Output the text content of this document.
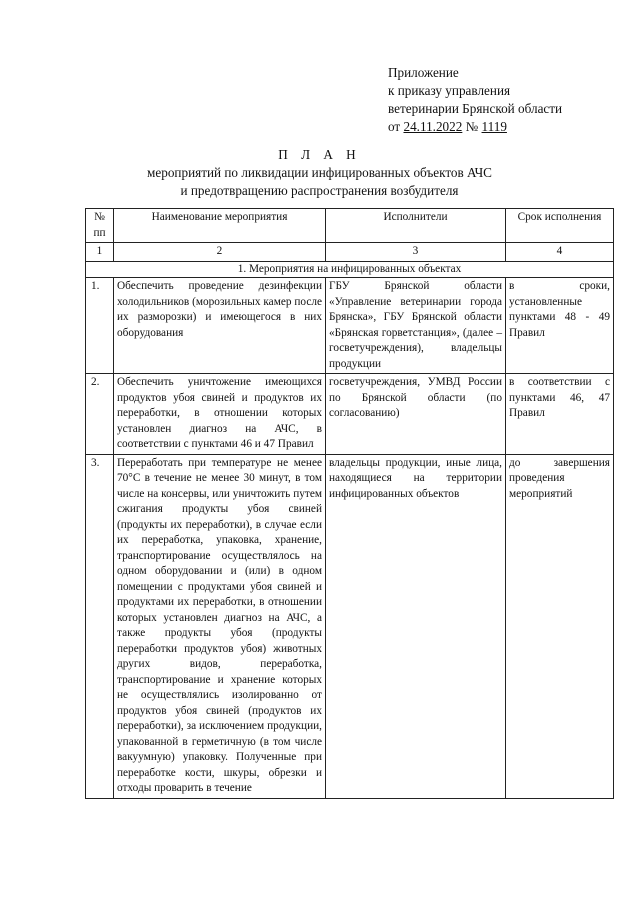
Приложение
к приказу управления
ветеринарии Брянской области
от 24.11.2022 № 1119
П Л А Н
мероприятий по ликвидации инфицированных объектов АЧС
и предотвращению распространения возбудителя
№ пп	Наименование мероприятия	Исполнители	Срок исполнения
1	2	3	4
1. Мероприятия на инфицированных объектах			
1.	Обеспечить проведение дезинфекции холодильников (морозильных камер после их разморозки) и имеющегося в них оборудования	ГБУ Брянской области «Управление ветеринарии города Брянска», ГБУ Брянской области «Брянская горветстанция», (далее – госветучреждения), владельцы продукции	в сроки, установленные пунктами 48 - 49 Правил
2.	Обеспечить уничтожение имеющихся продуктов убоя свиней и продуктов их переработки, в отношении которых установлен диагноз на АЧС, в соответствии с пунктами 46 и 47 Правил	госветучреждения, УМВД России по Брянской области (по согласованию)	в соответствии с пунктами 46, 47 Правил
3.	Переработать при температуре не менее 70°С в течение не менее 30 минут, в том числе на консервы, или уничтожить путем сжигания продукты убоя свиней (продукты их переработки), в случае если их переработка, упаковка, хранение, транспортирование осуществлялось на одном оборудовании и (или) в одном помещении с продуктами убоя свиней и продуктами их переработки, в отношении которых установлен диагноз на АЧС, а также продукты убоя (продукты переработки продуктов убоя) животных других видов, переработка, транспортирование и хранение которых не осуществлялись изолированно от продуктов убоя свиней (продуктов их переработки), за исключением продукции, упакованной в герметичную (в том числе вакуумную) упаковку. Полученные при переработке кости, шкуры, обрезки и отходы проварить в течение	владельцы продукции, иные лица, находящиеся на территории инфицированных объектов	до завершения проведения мероприятий
